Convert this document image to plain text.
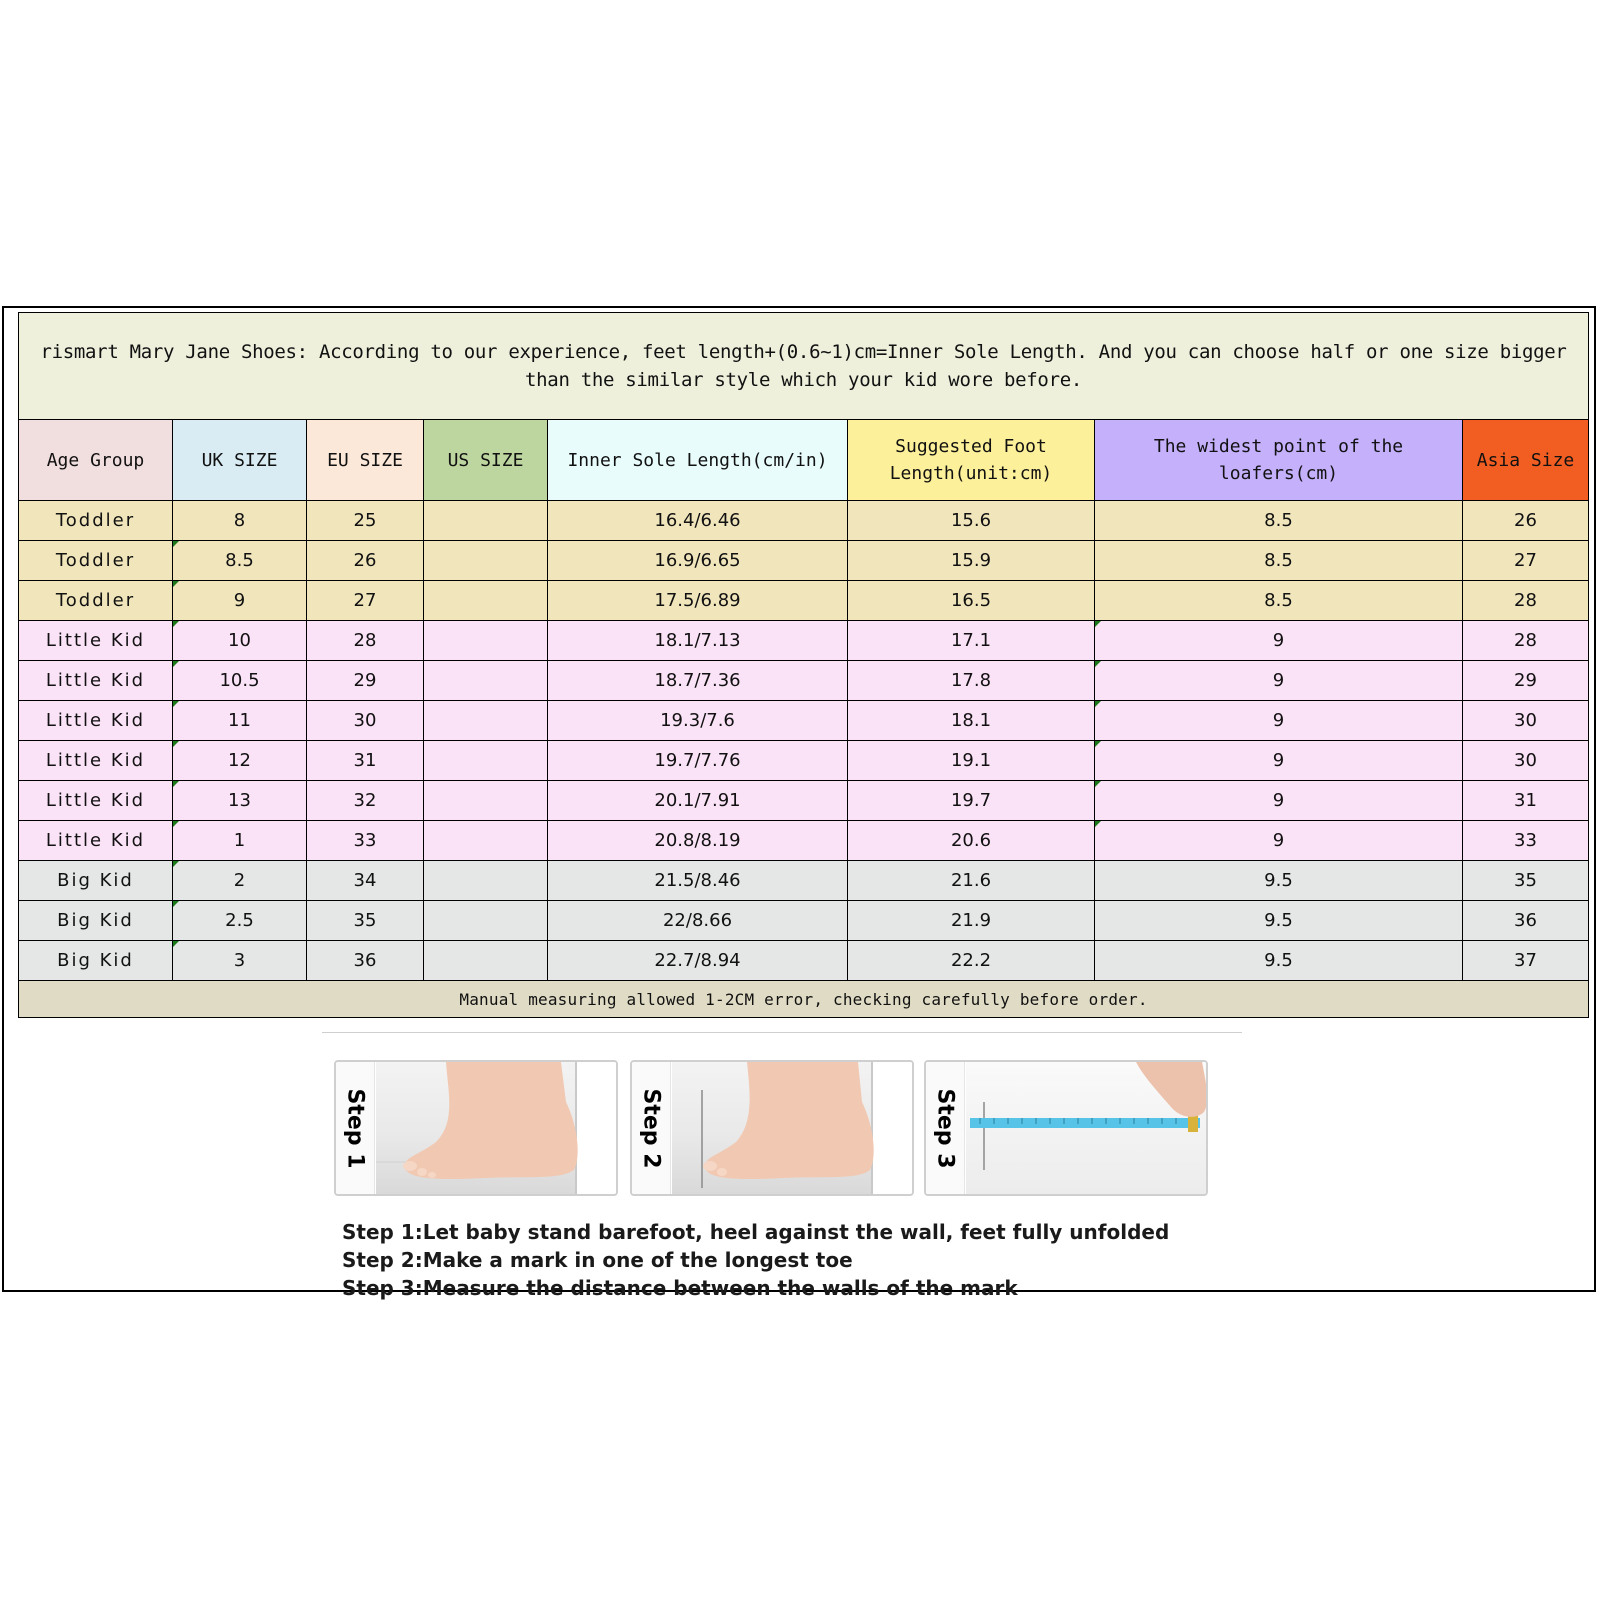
rismart Mary Jane Shoes: According to our experience, feet length+(0.6~1)cm=Inner Sole Length. And you can choose half or one size bigger than the similar style which your kid wore before.							
Age Group	UK SIZE	EU SIZE	US SIZE	Inner Sole Length(cm/in)	Suggested Foot Length(unit:cm)	The widest point of the loafers(cm)	Asia Size
Toddler	8	25		16.4/6.46	15.6	8.5	26
Toddler	8.5	26		16.9/6.65	15.9	8.5	27
Toddler	9	27		17.5/6.89	16.5	8.5	28
Little Kid	10	28		18.1/7.13	17.1	9	28
Little Kid	10.5	29		18.7/7.36	17.8	9	29
Little Kid	11	30		19.3/7.6	18.1	9	30
Little Kid	12	31		19.7/7.76	19.1	9	30
Little Kid	13	32		20.1/7.91	19.7	9	31
Little Kid	1	33		20.8/8.19	20.6	9	33
Big Kid	2	34		21.5/8.46	21.6	9.5	35
Big Kid	2.5	35		22/8.66	21.9	9.5	36
Big Kid	3	36		22.7/8.94	22.2	9.5	37
Manual measuring allowed 1-2CM error, checking carefully before order.							
Step 1	Step 2	Step 3
Step 1:Let baby stand barefoot, heel against the wall, feet fully unfolded
Step 2:Make a mark in one of the longest toe
Step 3:Measure the distance between the walls of the mark
